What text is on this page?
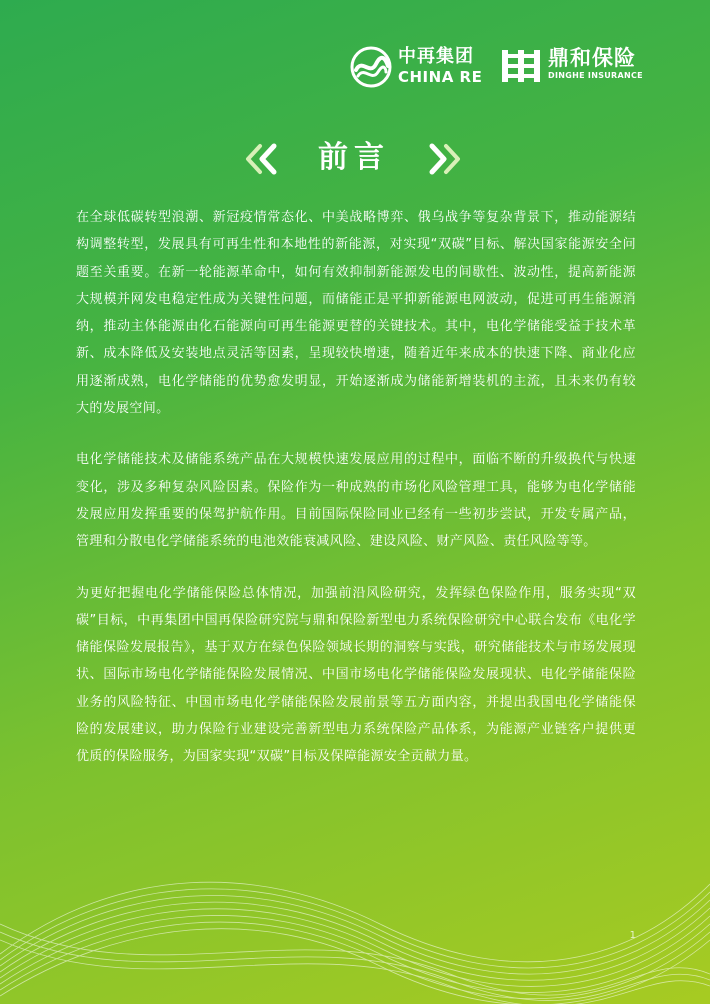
中再集团
CHINA RE
鼎和保险
DINGHE INSURANCE
前言

在全球低碳转型浪潮、新冠疫情常态化、中美战略博弈、俄乌战争等复杂背景下，推动能源结构调整转型，发展具有可再生性和本地性的新能源，对实现“双碳”目标、解决国家能源安全问题至关重要。在新一轮能源革命中，如何有效抑制新能源发电的间歇性、波动性，提高新能源大规模并网发电稳定性成为关键性问题，而储能正是平抑新能源电网波动，促进可再生能源消纳，推动主体能源由化石能源向可再生能源更替的关键技术。其中，电化学储能受益于技术革新、成本降低及安装地点灵活等因素，呈现较快增速，随着近年来成本的快速下降、商业化应用逐渐成熟，电化学储能的优势愈发明显，开始逐渐成为储能新增装机的主流，且未来仍有较大的发展空间。

电化学储能技术及储能系统产品在大规模快速发展应用的过程中，面临不断的升级换代与快速变化，涉及多种复杂风险因素。保险作为一种成熟的市场化风险管理工具，能够为电化学储能发展应用发挥重要的保驾护航作用。目前国际保险同业已经有一些初步尝试，开发专属产品，管理和分散电化学储能系统的电池效能衰减风险、建设风险、财产风险、责任风险等等。

为更好把握电化学储能保险总体情况，加强前沿风险研究，发挥绿色保险作用，服务实现“双碳”目标，中再集团中国再保险研究院与鼎和保险新型电力系统保险研究中心联合发布《电化学储能保险发展报告》，基于双方在绿色保险领域长期的洞察与实践，研究储能技术与市场发展现状、国际市场电化学储能保险发展情况、中国市场电化学储能保险发展现状、电化学储能保险业务的风险特征、中国市场电化学储能保险发展前景等五方面内容，并提出我国电化学储能保险的发展建议，助力保险行业建设完善新型电力系统保险产品体系，为能源产业链客户提供更优质的保险服务，为国家实现“双碳”目标及保障能源安全贡献力量。

1
